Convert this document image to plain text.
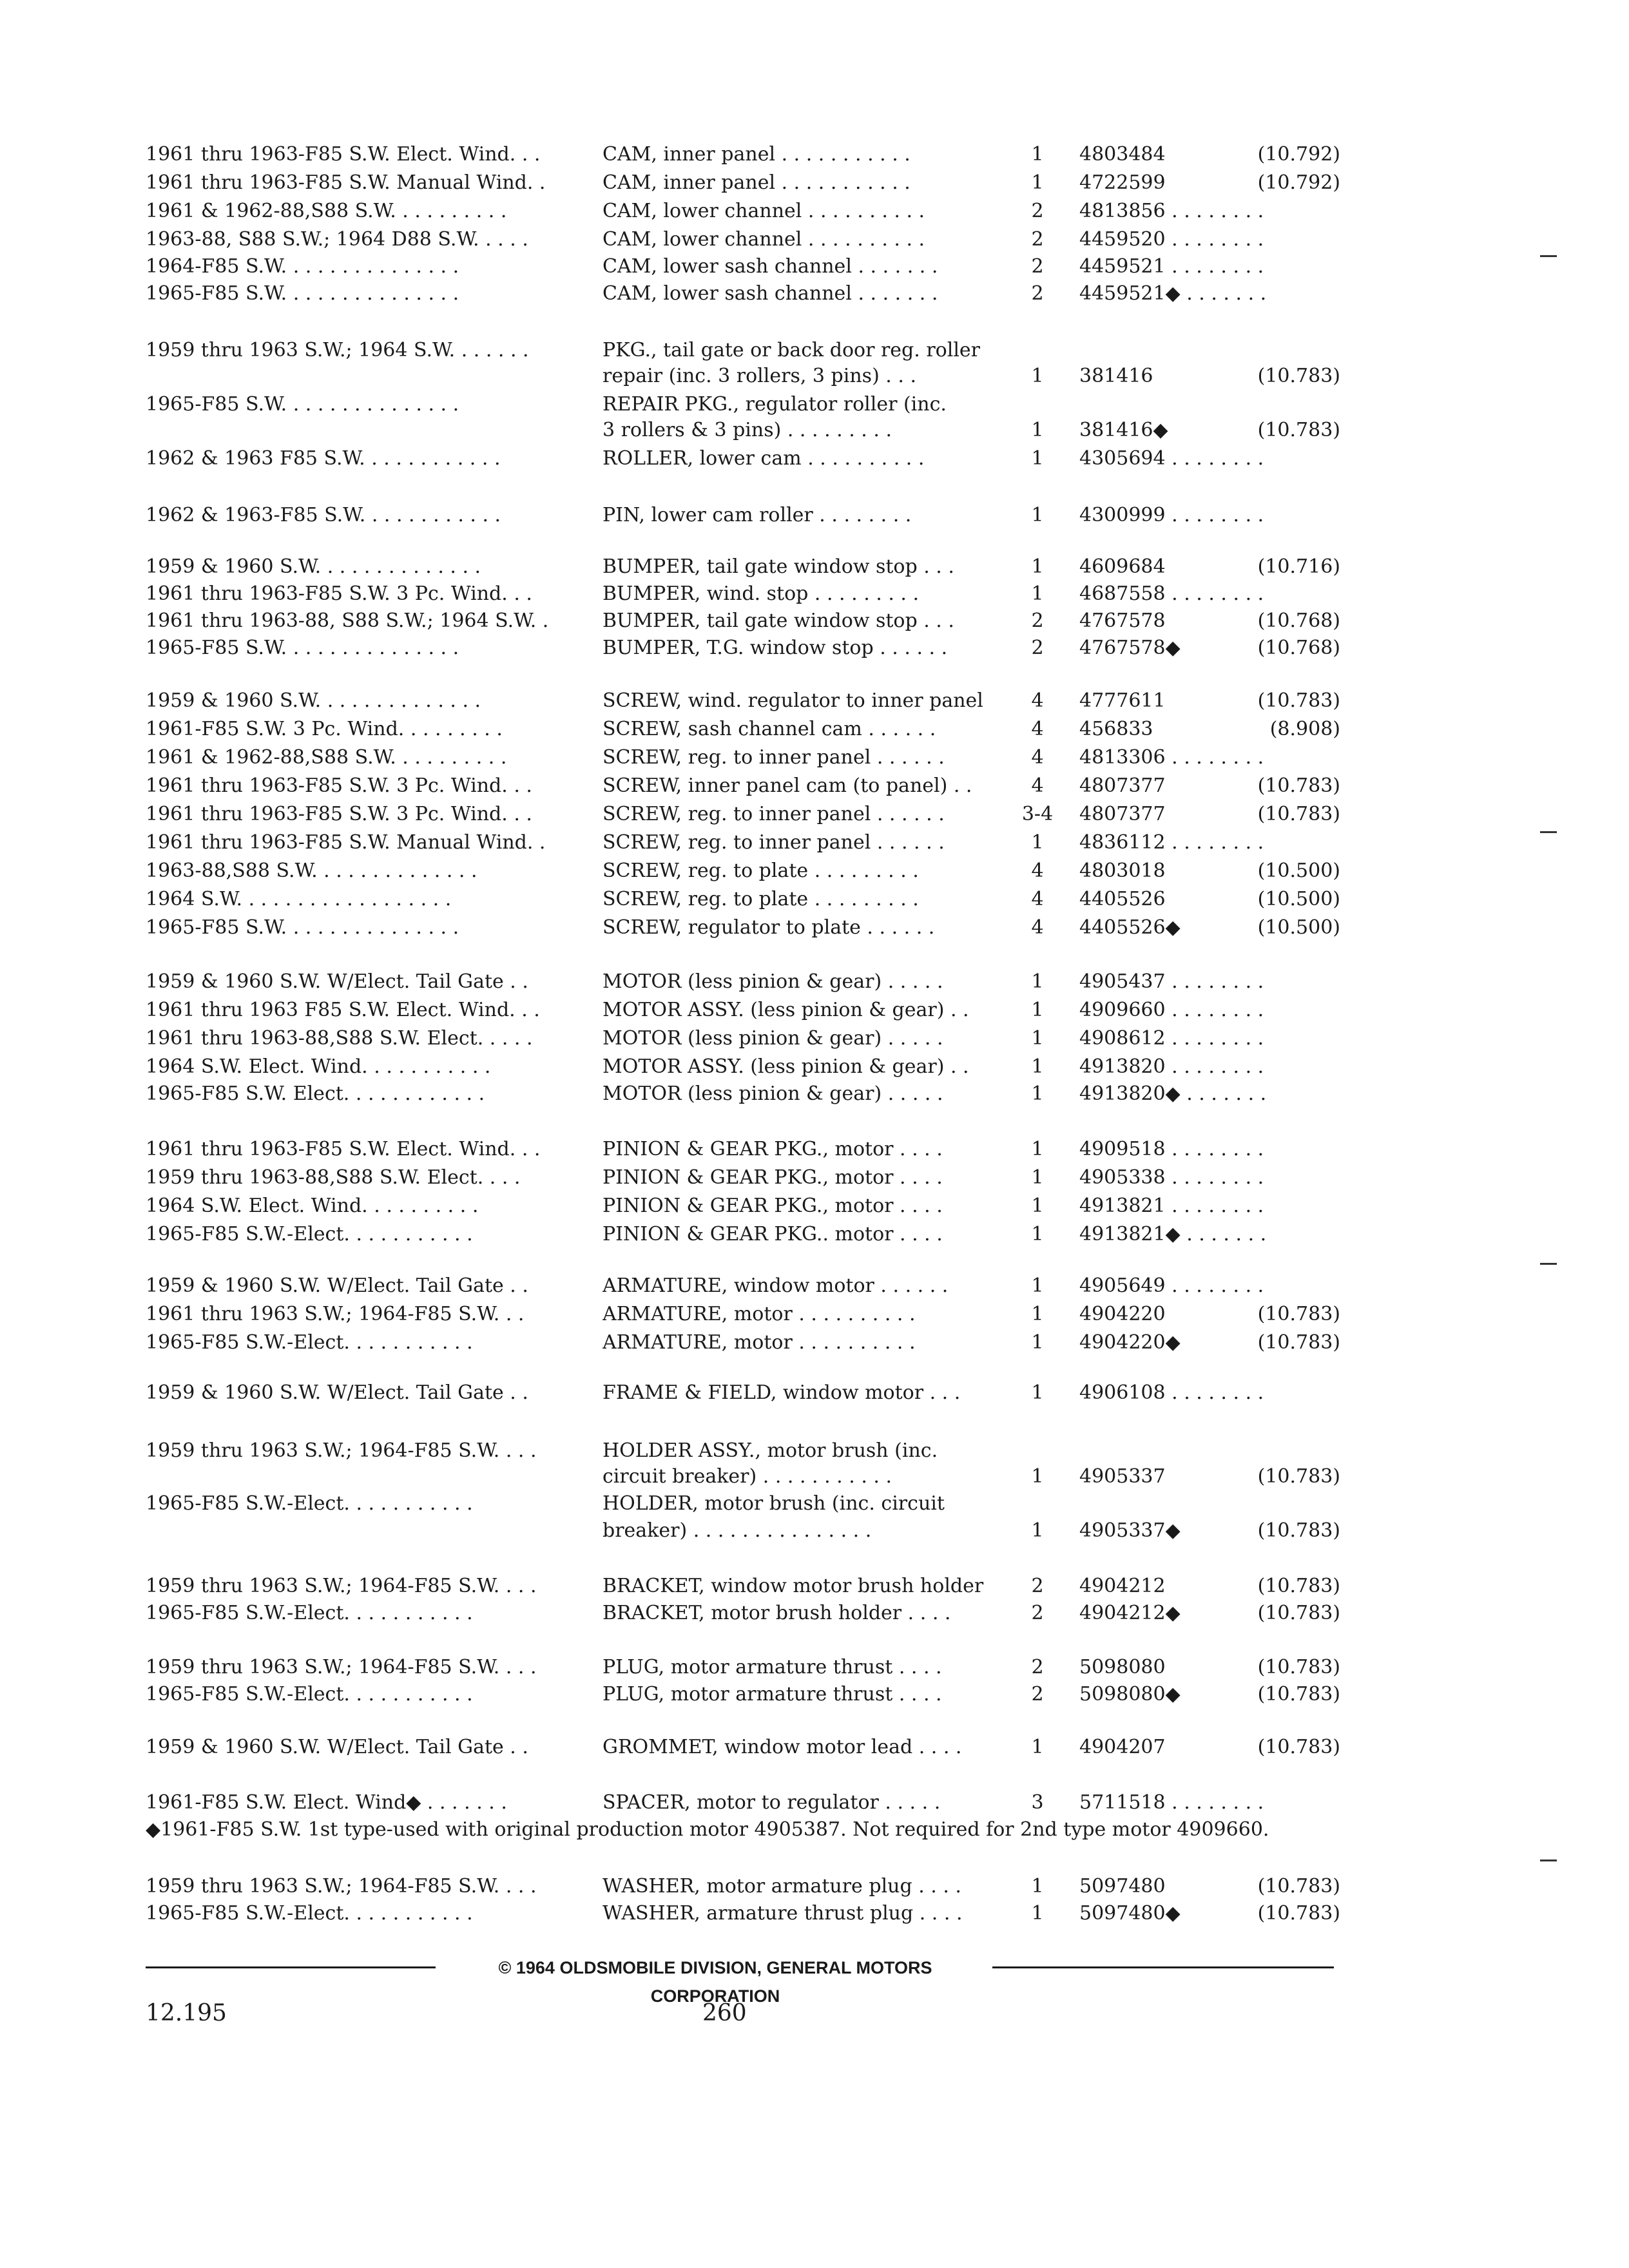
1961 thru 1963-F85 S.W. Elect. Wind. . .	CAM, inner panel . . . . . . . . . . .	1	4803484	(10.792)
1961 thru 1963-F85 S.W. Manual Wind. .	CAM, inner panel . . . . . . . . . . .	1	4722599	(10.792)
1961 & 1962-88,S88 S.W. . . . . . . . . .	CAM, lower channel . . . . . . . . . .	2	4813856 . . . . . . . .
1963-88, S88 S.W.; 1964 D88 S.W. . . . .	CAM, lower channel . . . . . . . . . .	2	4459520 . . . . . . . .
1964-F85 S.W. . . . . . . . . . . . . . .	CAM, lower sash channel . . . . . . .	2	4459521 . . . . . . . .
1965-F85 S.W. . . . . . . . . . . . . . .	CAM, lower sash channel . . . . . . .	2	4459521◆ . . . . . . .
1959 thru 1963 S.W.; 1964 S.W. . . . . . .	PKG., tail gate or back door reg. roller
repair (inc. 3 rollers, 3 pins) . . .	1	381416	(10.783)
1965-F85 S.W. . . . . . . . . . . . . . .	REPAIR PKG., regulator roller (inc.
3 rollers & 3 pins) . . . . . . . . .	1	381416◆	(10.783)
1962 & 1963 F85 S.W. . . . . . . . . . . .	ROLLER, lower cam . . . . . . . . . .	1	4305694 . . . . . . . .
1962 & 1963-F85 S.W. . . . . . . . . . . .	PIN, lower cam roller . . . . . . . .	1	4300999 . . . . . . . .
1959 & 1960 S.W. . . . . . . . . . . . . .	BUMPER, tail gate window stop . . .	1	4609684	(10.716)
1961 thru 1963-F85 S.W. 3 Pc. Wind. . .	BUMPER, wind. stop . . . . . . . . .	1	4687558 . . . . . . . .
1961 thru 1963-88, S88 S.W.; 1964 S.W. .	BUMPER, tail gate window stop . . .	2	4767578	(10.768)
1965-F85 S.W. . . . . . . . . . . . . . .	BUMPER, T.G. window stop . . . . . .	2	4767578◆	(10.768)
1959 & 1960 S.W. . . . . . . . . . . . . .	SCREW, wind. regulator to inner panel	4	4777611	(10.783)
1961-F85 S.W. 3 Pc. Wind. . . . . . . . .	SCREW, sash channel cam . . . . . .	4	456833	(8.908)
1961 & 1962-88,S88 S.W. . . . . . . . . .	SCREW, reg. to inner panel . . . . . .	4	4813306 . . . . . . . .
1961 thru 1963-F85 S.W. 3 Pc. Wind. . .	SCREW, inner panel cam (to panel) . .	4	4807377	(10.783)
1961 thru 1963-F85 S.W. 3 Pc. Wind. . .	SCREW, reg. to inner panel . . . . . .	3-4	4807377	(10.783)
1961 thru 1963-F85 S.W. Manual Wind. .	SCREW, reg. to inner panel . . . . . .	1	4836112 . . . . . . . .
1963-88,S88 S.W. . . . . . . . . . . . . .	SCREW, reg. to plate . . . . . . . . .	4	4803018	(10.500)
1964 S.W. . . . . . . . . . . . . . . . . .	SCREW, reg. to plate . . . . . . . . .	4	4405526	(10.500)
1965-F85 S.W. . . . . . . . . . . . . . .	SCREW, regulator to plate . . . . . .	4	4405526◆	(10.500)
1959 & 1960 S.W. W/Elect. Tail Gate . .	MOTOR (less pinion & gear) . . . . .	1	4905437 . . . . . . . .
1961 thru 1963 F85 S.W. Elect. Wind. . .	MOTOR ASSY. (less pinion & gear) . .	1	4909660 . . . . . . . .
1961 thru 1963-88,S88 S.W. Elect. . . . .	MOTOR (less pinion & gear) . . . . .	1	4908612 . . . . . . . .
1964 S.W. Elect. Wind. . . . . . . . . . .	MOTOR ASSY. (less pinion & gear) . .	1	4913820 . . . . . . . .
1965-F85 S.W. Elect. . . . . . . . . . . .	MOTOR (less pinion & gear) . . . . .	1	4913820◆ . . . . . . .
1961 thru 1963-F85 S.W. Elect. Wind. . .	PINION & GEAR PKG., motor . . . .	1	4909518 . . . . . . . .
1959 thru 1963-88,S88 S.W. Elect. . . .	PINION & GEAR PKG., motor . . . .	1	4905338 . . . . . . . .
1964 S.W. Elect. Wind. . . . . . . . . .	PINION & GEAR PKG., motor . . . .	1	4913821 . . . . . . . .
1965-F85 S.W.-Elect. . . . . . . . . . .	PINION & GEAR PKG.. motor . . . .	1	4913821◆ . . . . . . .
1959 & 1960 S.W. W/Elect. Tail Gate . .	ARMATURE, window motor . . . . . .	1	4905649 . . . . . . . .
1961 thru 1963 S.W.; 1964-F85 S.W. . .	ARMATURE, motor . . . . . . . . . .	1	4904220	(10.783)
1965-F85 S.W.-Elect. . . . . . . . . . .	ARMATURE, motor . . . . . . . . . .	1	4904220◆	(10.783)
1959 & 1960 S.W. W/Elect. Tail Gate . .	FRAME & FIELD, window motor . . .	1	4906108 . . . . . . . .
1959 thru 1963 S.W.; 1964-F85 S.W. . . .	HOLDER ASSY., motor brush (inc.
circuit breaker) . . . . . . . . . . .	1	4905337	(10.783)
1965-F85 S.W.-Elect. . . . . . . . . . .	HOLDER, motor brush (inc. circuit
breaker) . . . . . . . . . . . . . . .	1	4905337◆	(10.783)
1959 thru 1963 S.W.; 1964-F85 S.W. . . .	BRACKET, window motor brush holder	2	4904212	(10.783)
1965-F85 S.W.-Elect. . . . . . . . . . .	BRACKET, motor brush holder . . . .	2	4904212◆	(10.783)
1959 thru 1963 S.W.; 1964-F85 S.W. . . .	PLUG, motor armature thrust . . . .	2	5098080	(10.783)
1965-F85 S.W.-Elect. . . . . . . . . . .	PLUG, motor armature thrust . . . .	2	5098080◆	(10.783)
1959 & 1960 S.W. W/Elect. Tail Gate . .	GROMMET, window motor lead . . . .	1	4904207	(10.783)
1961-F85 S.W. Elect. Wind◆ . . . . . . .	SPACER, motor to regulator . . . . .	3	5711518 . . . . . . . .
1959 thru 1963 S.W.; 1964-F85 S.W. . . .	WASHER, motor armature plug . . . .	1	5097480	(10.783)
1965-F85 S.W.-Elect. . . . . . . . . . .	WASHER, armature thrust plug . . . .	1	5097480◆	(10.783)
◆1961-F85 S.W. 1st type-used with original production motor 4905387. Not required for 2nd type motor 4909660.
© 1964 OLDSMOBILE DIVISION, GENERAL MOTORS CORPORATION
12.195	260
